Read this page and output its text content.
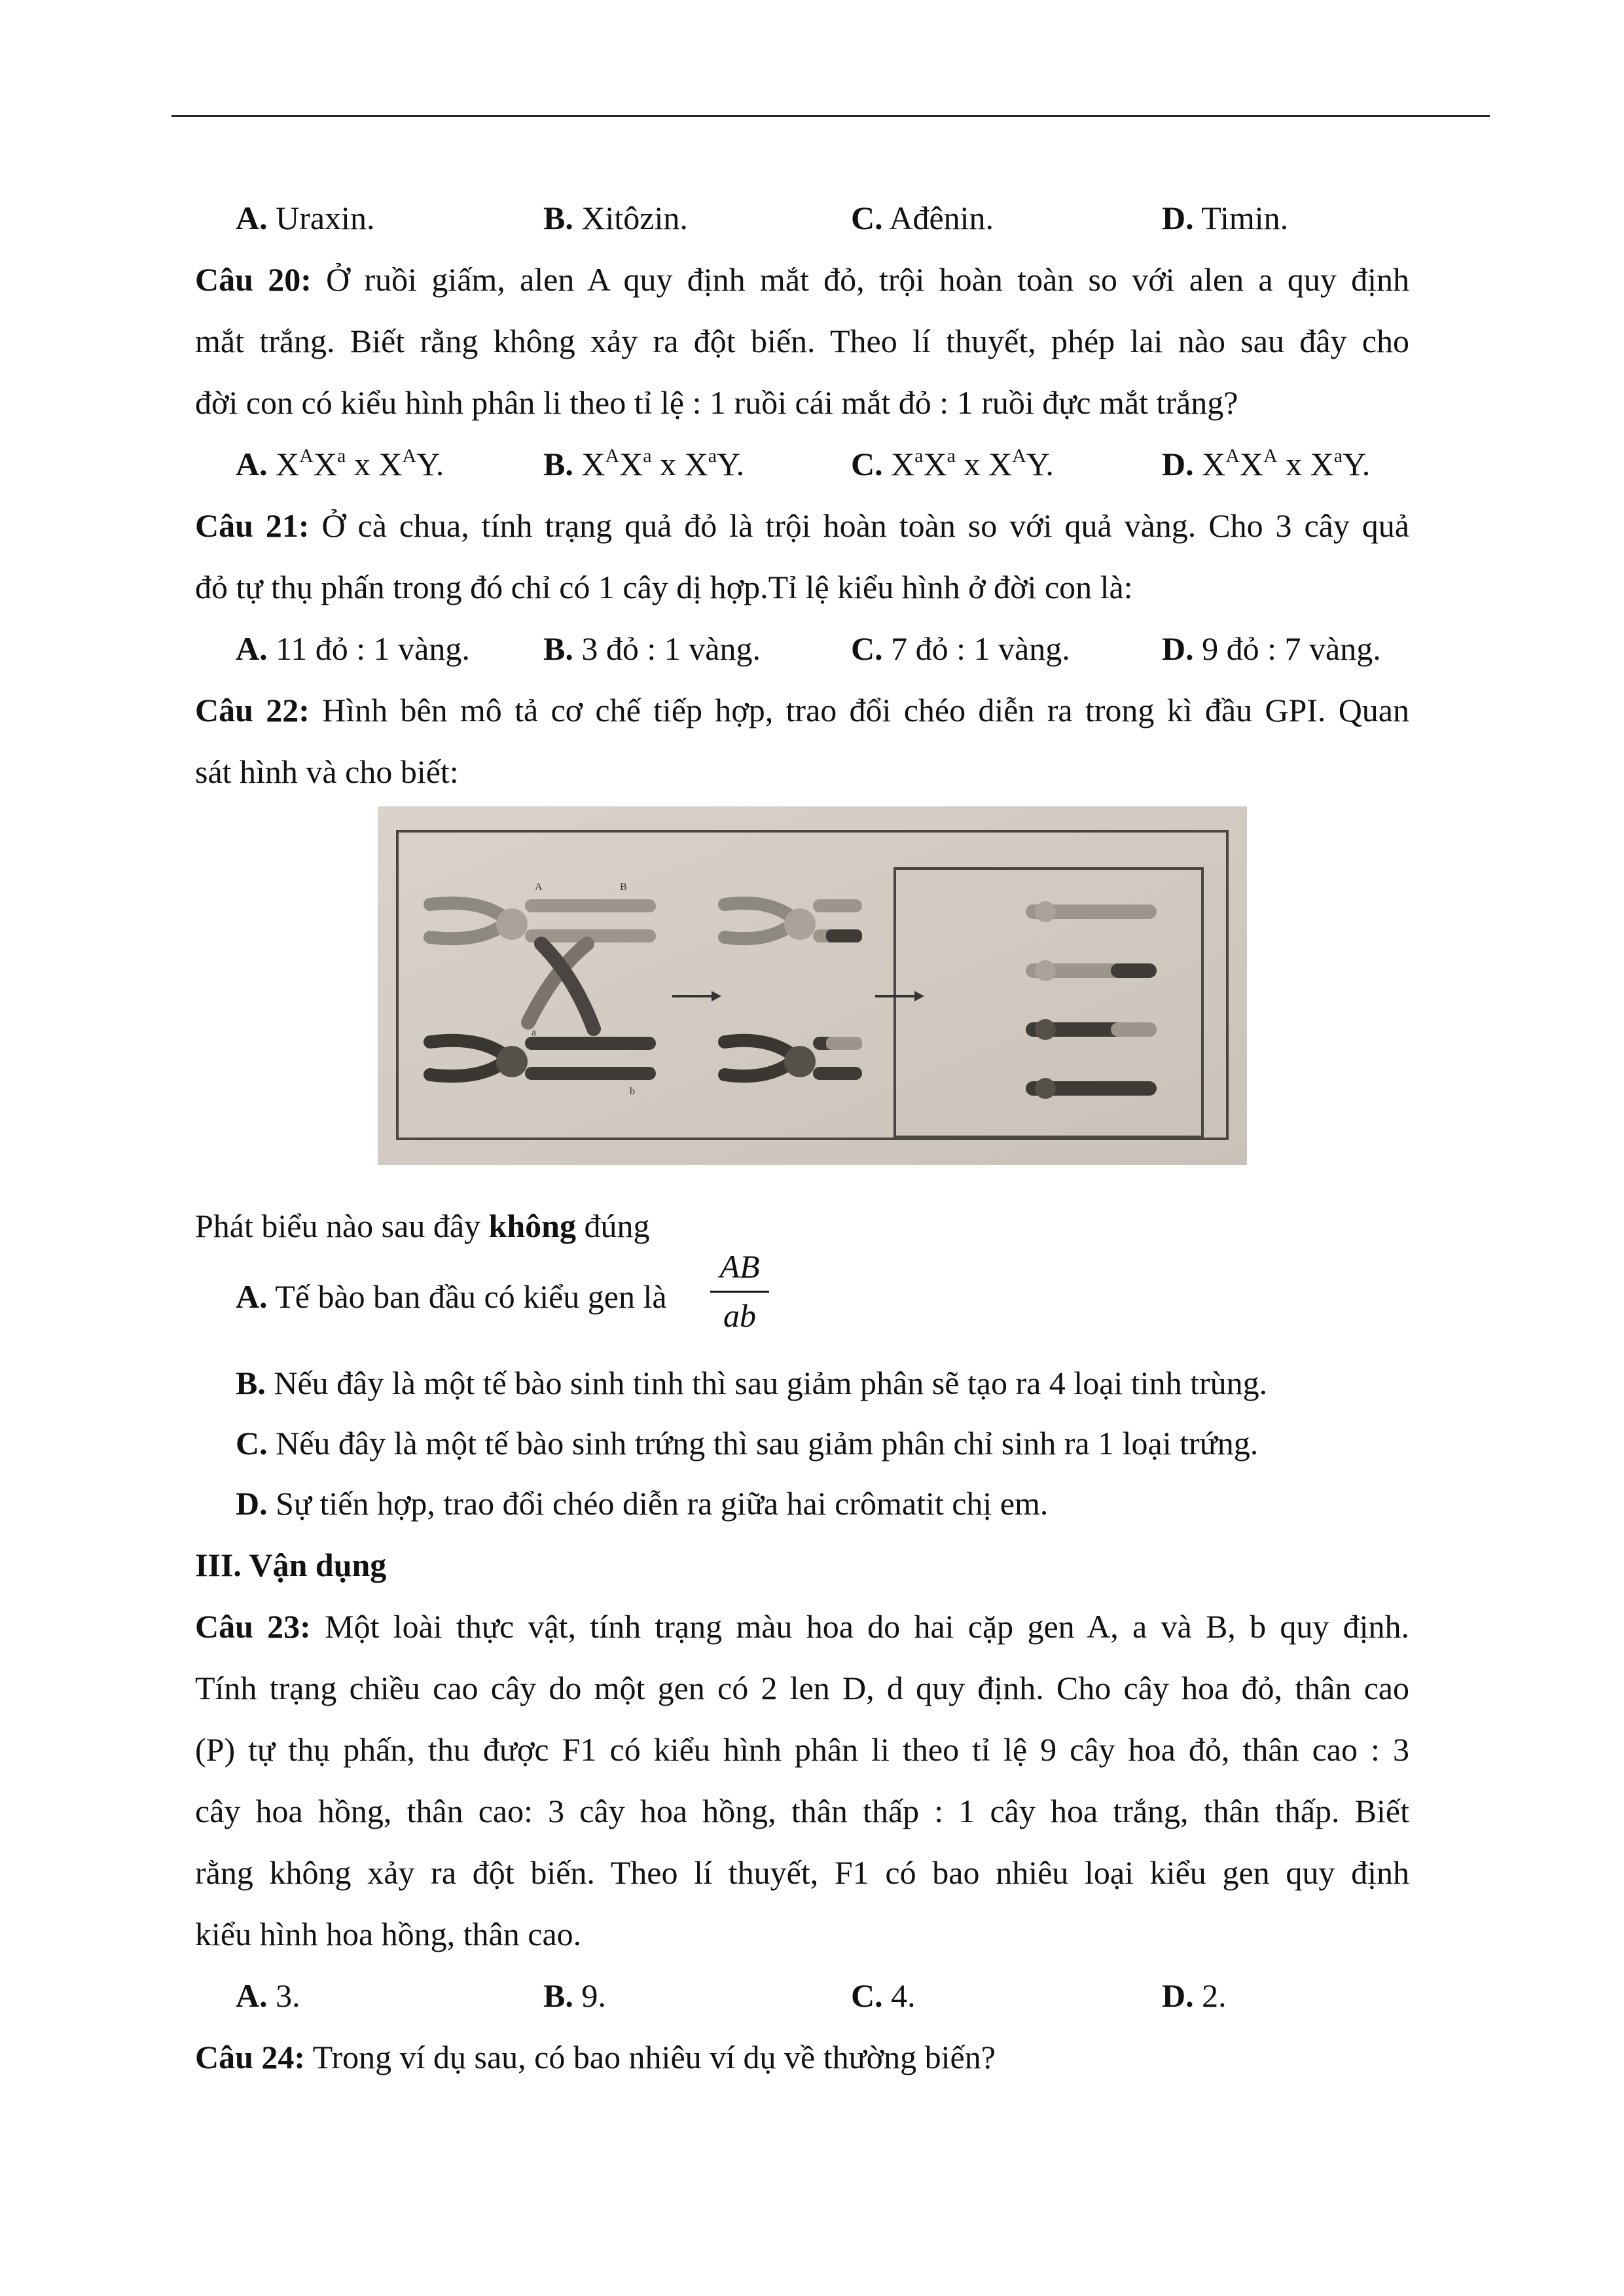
A. Uraxin.	B. Xitôzin.	C. Ađênin.	D. Timin.
Câu 20: Ở ruồi giấm, alen A quy định mắt đỏ, trội hoàn toàn so với alen a quy định
mắt trắng. Biết rằng không xảy ra đột biến. Theo lí thuyết, phép lai nào sau đây cho
đời con có kiểu hình phân li theo tỉ lệ : 1 ruồi cái mắt đỏ : 1 ruồi đực mắt trắng?
A. $X^AX^a$ x $X^AY$.	B. $X^AX^a$ x $X^aY$.	C. $X^aX^a$ x $X^AY$.	D. $X^AX^A$ x $X^aY$.
Câu 21: Ở cà chua, tính trạng quả đỏ là trội hoàn toàn so với quả vàng. Cho 3 cây quả
đỏ tự thụ phấn trong đó chỉ có 1 cây dị hợp.Tỉ lệ kiểu hình ở đời con là:
A. 11 đỏ : 1 vàng. B. 3 đỏ : 1 vàng.	C. 7 đỏ : 1 vàng.	D. 9 đỏ : 7 vàng.
Câu 22: Hình bên mô tả cơ chế tiếp hợp, trao đổi chéo diễn ra trong kì đầu GPI. Quan
sát hình và cho biết:
A	B
a
b
Phát biểu nào sau đây không đúng
A. Tế bào ban đầu có kiểu gen là
AB
ab
B. Nếu đây là một tế bào sinh tinh thì sau giảm phân sẽ tạo ra 4 loại tinh trùng.
C. Nếu đây là một tế bào sinh trứng thì sau giảm phân chỉ sinh ra 1 loại trứng.
D. Sự tiến hợp, trao đổi chéo diễn ra giữa hai crômatit chị em.
III. Vận dụng
Câu 23: Một loài thực vật, tính trạng màu hoa do hai cặp gen A, a và B, b quy định.
Tính trạng chiều cao cây do một gen có 2 len D, d quy định. Cho cây hoa đỏ, thân cao
(P) tự thụ phấn, thu được F1 có kiểu hình phân li theo tỉ lệ 9 cây hoa đỏ, thân cao : 3
cây hoa hồng, thân cao: 3 cây hoa hồng, thân thấp : 1 cây hoa trắng, thân thấp. Biết
rằng không xảy ra đột biến. Theo lí thuyết, F1 có bao nhiêu loại kiểu gen quy định
kiểu hình hoa hồng, thân cao.
A. 3.	B. 9.	C. 4.	D. 2.
Câu 24: Trong ví dụ sau, có bao nhiêu ví dụ về thường biến?
